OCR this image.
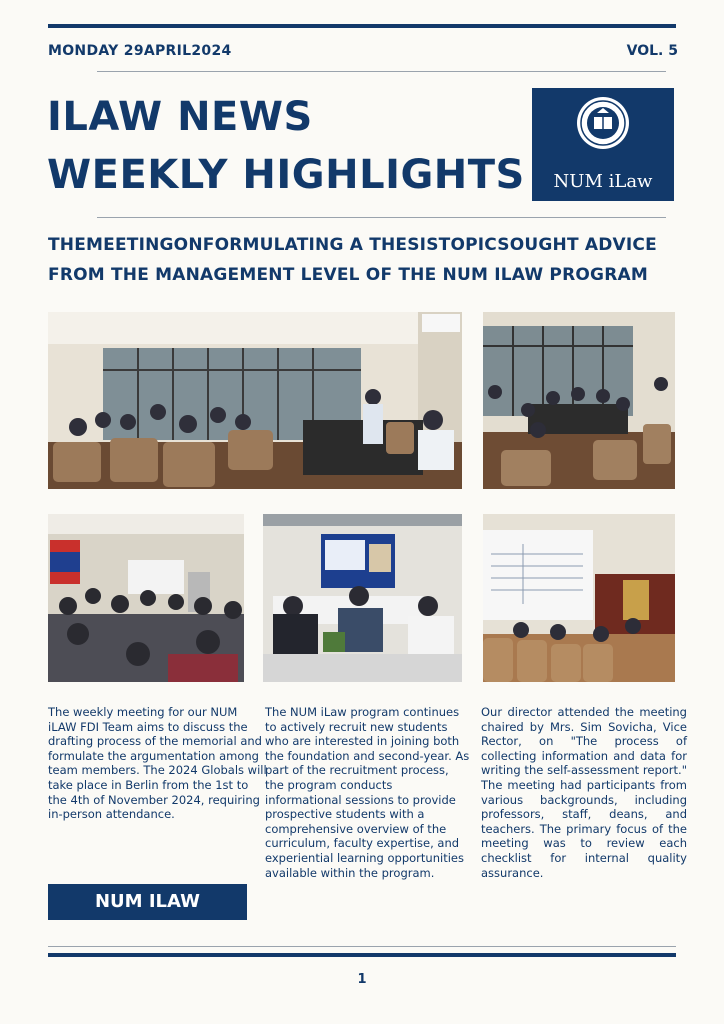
MONDAY 29APRIL2024	VOL. 5
ILAW NEWS
WEEKLY HIGHLIGHTS	NUM iLaw
THEMEETINGONFORMULATING A THESISTOPICSOUGHT ADVICE
FROM THE MANAGEMENT LEVEL OF THE NUM ILAW PROGRAM
The weekly meeting for our NUM iLAW FDI Team aims to discuss the drafting process of the memorial and formulate the argumentation among team members. The 2024 Globals will take place in Berlin from the 1st to the 4th of November 2024, requiring in-person attendance.
The NUM iLaw program continues to actively recruit new students who are interested in joining both the foundation and second-year. As part of the recruitment process, the program conducts informational sessions to provide prospective students with a comprehensive overview of the curriculum, faculty expertise, and experiential learning opportunities available within the program.
Our director attended the meeting chaired by Mrs. Sim Sovicha, Vice Rector, on "The process of collecting information and data for writing the self-assessment report." The meeting had participants from various backgrounds, including professors, staff, deans, and teachers. The primary focus of the meeting was to review each checklist for internal quality assurance.
NUM ILAW
1
